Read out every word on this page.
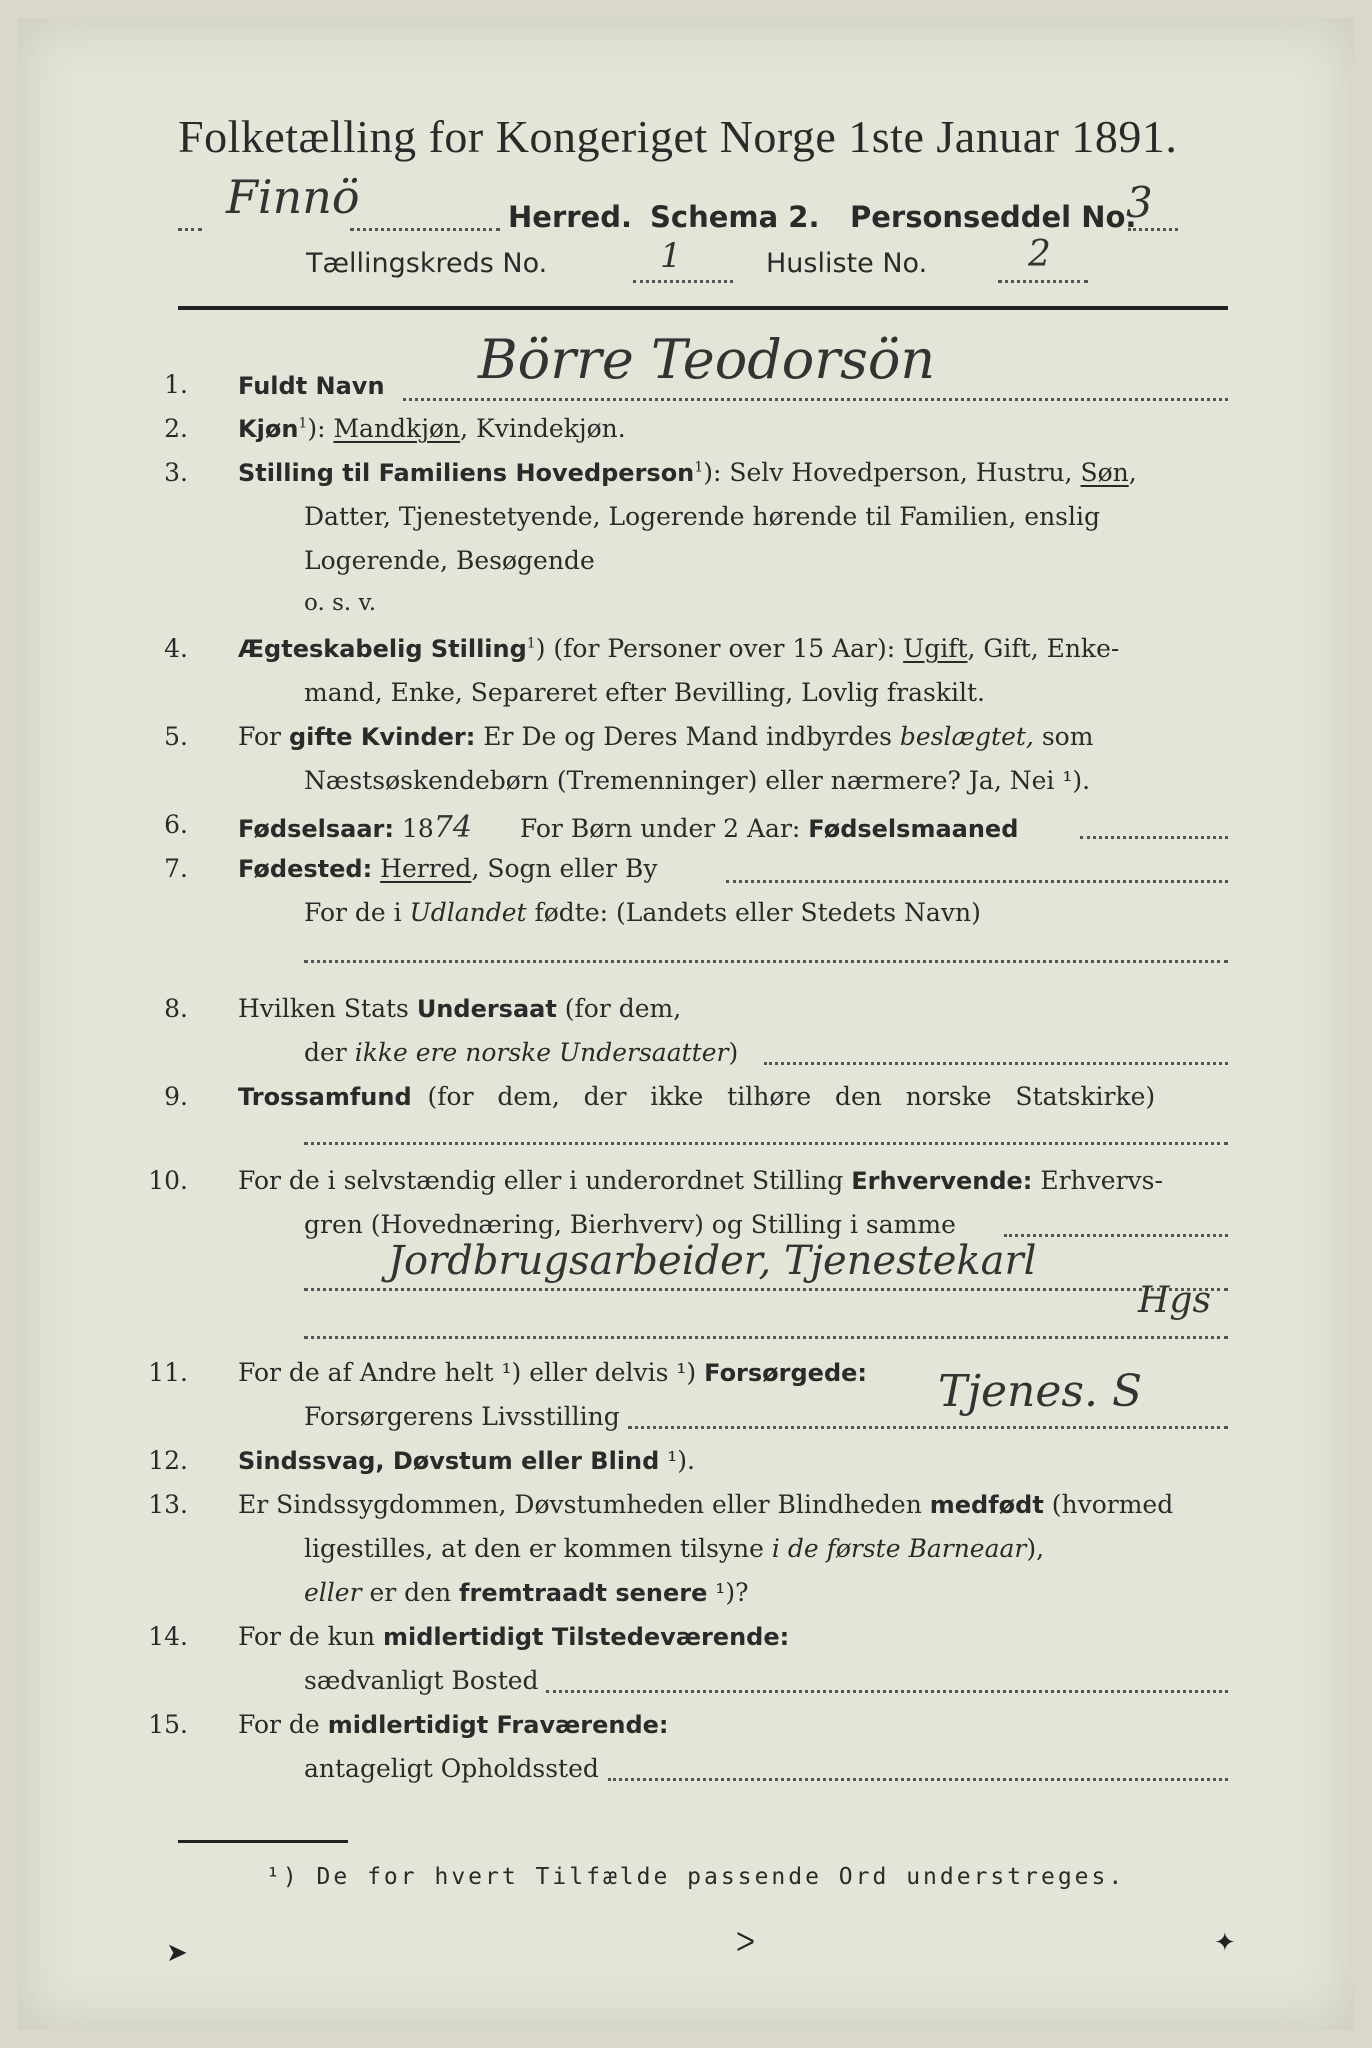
Folketælling for Kongeriget Norge 1ste Januar 1891.
Finnö	Herred. Schema 2. Personseddel No.
3
Tællingskreds No.	1	Husliste No.	2
1. Fuldt Navn Börre Teodorsön
2. Kjøn$^1$): Mandkjøn, Kvindekjøn.
3. Stilling til Familiens Hovedperson$^1$): Selv Hovedperson, Hustru, Søn,
Datter, Tjenestetyende, Logerende hørende til Familien, enslig
Logerende, Besøgende
o. s. v.
4. Ægteskabelig Stilling$^1$) (for Personer over 15 Aar): Ugift, Gift, Enke-
mand, Enke, Separeret efter Bevilling, Lovlig fraskilt.
5. For gifte Kvinder: Er De og Deres Mand indbyrdes beslægtet, som
Næstsøskendebørn (Tremenninger) eller nærmere? Ja, Nei ¹).
6. Fødselsaar: 1874 For Børn under 2 Aar: Fødselsmaaned
7. Fødested: Herred, Sogn eller By
For de i Udlandet fødte: (Landets eller Stedets Navn)
8. Hvilken Stats Undersaat (for dem,
der ikke ere norske Undersaatter)
9. Trossamfund  (for   dem,   der   ikke   tilhøre   den   norske   Statskirke)
10. For de i selvstændig eller i underordnet Stilling Erhvervende: Erhvervs-
gren (Hovednæring, Bierhverv) og Stilling i samme
Jordbrugsarbeider, Tjenestekarl
Hgs
11. For de af Andre helt ¹) eller delvis ¹) Forsørgede:
Forsørgerens Livsstilling	Tjenes. S
12. Sindssvag, Døvstum eller Blind ¹).
13. Er Sindssygdommen, Døvstumheden eller Blindheden medfødt (hvormed
ligestilles, at den er kommen tilsyne i de første Barneaar),
eller er den fremtraadt senere ¹)?
14. For de kun midlertidigt Tilstedeværende:
sædvanligt Bosted
15. For de midlertidigt Fraværende:
antageligt Opholdssted
¹) De for hvert Tilfælde passende Ord understreges.
➤	ᐳ	✦
